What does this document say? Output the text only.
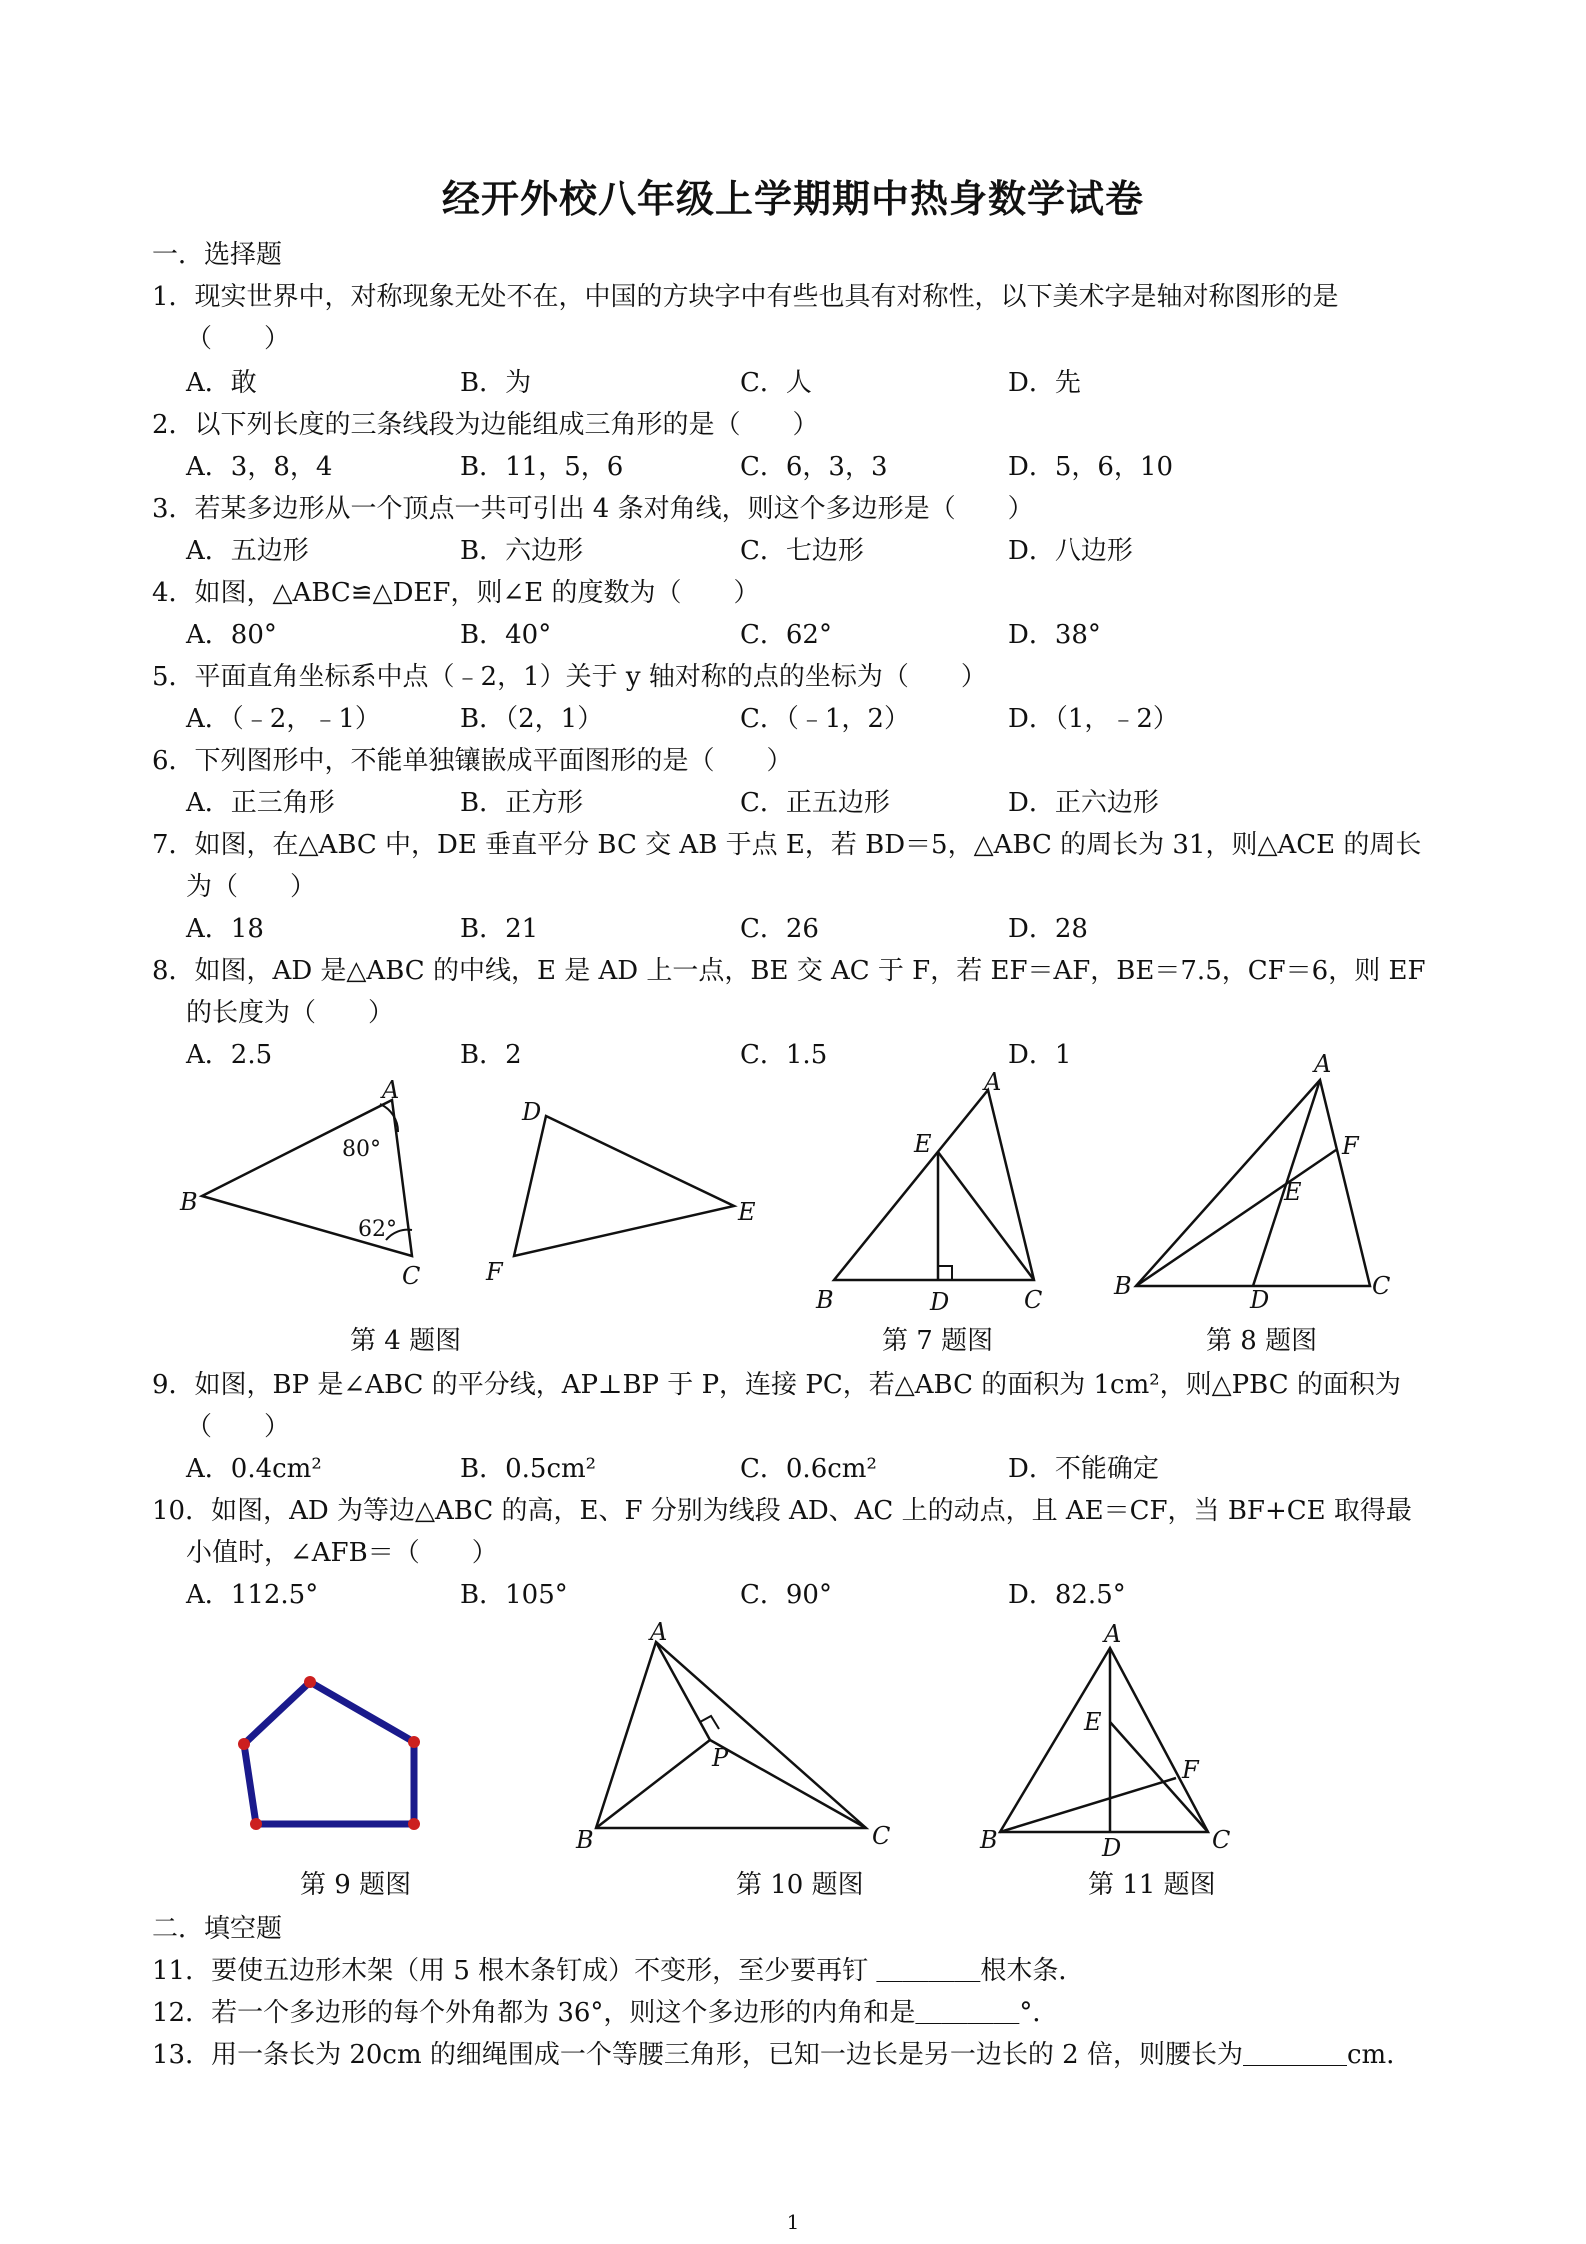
经开外校八年级上学期期中热身数学试卷
一．选择题
1．现实世界中，对称现象无处不在，中国的方块字中有些也具有对称性，以下美术字是轴对称图形的是
（　　）
A．敢	B．为	C．人	D．先
2．以下列长度的三条线段为边能组成三角形的是（　　）
A．3，8，4	B．11，5，6	C．6，3，3	D．5，6，10
3．若某多边形从一个顶点一共可引出 4 条对角线，则这个多边形是（　　）
A．五边形	B．六边形	C．七边形	D．八边形
4．如图，△ABC≌△DEF，则∠E 的度数为（　　）
A．80°	B．40°	C．62°	D．38°
5．平面直角坐标系中点（﹣2，1）关于 y 轴对称的点的坐标为（　　）
A．（﹣2，﹣1）	B．（2，1）	C．（﹣1，2）	D．（1，﹣2）
6．下列图形中，不能单独镶嵌成平面图形的是（　　）
A．正三角形	B．正方形	C．正五边形	D．正六边形
7．如图，在△ABC 中，DE 垂直平分 BC 交 AB 于点 E，若 BD＝5，△ABC 的周长为 31，则△ACE 的周长
为（　　）
A．18	B．21	C．26	D．28
8．如图，AD 是△ABC 的中线，E 是 AD 上一点，BE 交 AC 于 F，若 EF＝AF，BE＝7.5，CF＝6，则 EF
的长度为（　　）
A．2.5	B．2	C．1.5	D．1
A
B
C
80°
62°
D
E
F
A
E
B	D	C
A
F
E
B	D	C
第 4 题图	第 7 题图	第 8 题图
9．如图，BP 是∠ABC 的平分线，AP⊥BP 于 P，连接 PC，若△ABC 的面积为 1cm²，则△PBC 的面积为
（　　）
A．0.4cm²	B．0.5cm²	C．0.6cm²	D．不能确定
10．如图，AD 为等边△ABC 的高，E、F 分别为线段 AD、AC 上的动点，且 AE＝CF，当 BF+CE 取得最
小值时，∠AFB＝（　　）
A．112.5°	B．105°	C．90°	D．82.5°
A
P
B	C
A
E
F
B	D	C
第 9 题图	第 10 题图	第 11 题图
二．填空题
11．要使五边形木架（用 5 根木条钉成）不变形，至少要再钉 ＿＿＿＿根木条．
12．若一个多边形的每个外角都为 36°，则这个多边形的内角和是＿＿＿＿°．
13．用一条长为 20cm 的细绳围成一个等腰三角形，已知一边长是另一边长的 2 倍，则腰长为＿＿＿＿cm．
1
